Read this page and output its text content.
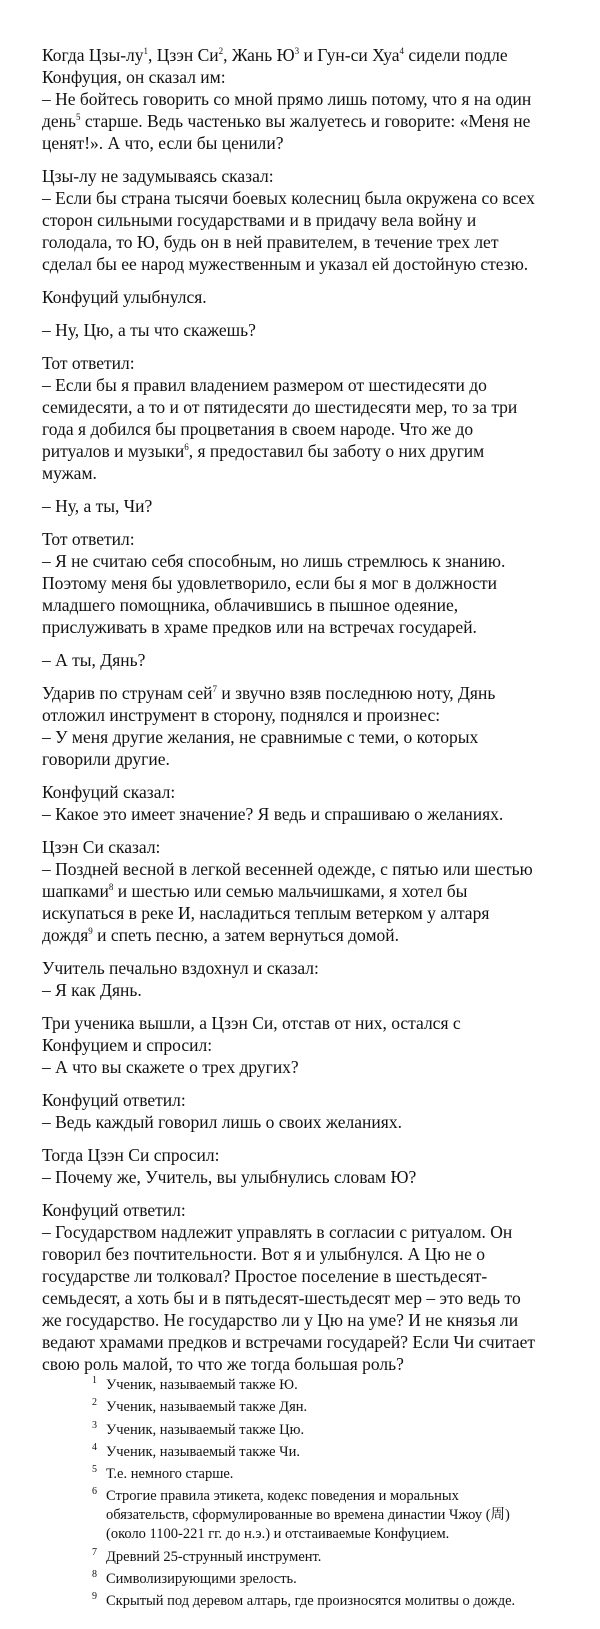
Когда Цзы-$лу^1$, Цзэн $Си^2$, Жань $Ю^3$ и Гун-си Хуа$^4$ сидели подле
Конфуция, он сказал им:
– Не бойтесь говорить со мной прямо лишь потому, что я на один
день$^5$ старше. Ведь частенько вы жалуетесь и говорите: «Меня не
ценят!». А что, если бы ценили?

Цзы-лу не задумываясь сказал:
– Если бы страна тысячи боевых колесниц была окружена со всех
сторон сильными государствами и в придачу вела войну и
голодала, то Ю, будь он в ней правителем, в течение трех лет
сделал бы ее народ мужественным и указал ей достойную стезю.

Конфуций улыбнулся.

– Ну, Цю, а ты что скажешь?

Тот ответил:
– Если бы я правил владением размером от шестидесяти до
семидесяти, а то и от пятидесяти до шестидесяти мер, то за три
года я добился бы процветания в своем народе. Что же до
ритуалов и музыки$^6$, я предоставил бы заботу о них другим
мужам.

– Ну, а ты, Чи?

Тот ответил:
– Я не считаю себя способным, но лишь стремлюсь к знанию.
Поэтому меня бы удовлетворило, если бы я мог в должности
младшего помощника, облачившись в пышное одеяние,
прислуживать в храме предков или на встречах государей.

– А ты, Дянь?

Ударив по струнам сей$^7$ и звучно взяв последнюю ноту, Дянь
отложил инструмент в сторону, поднялся и произнес:
– У меня другие желания, не сравнимые с теми, о которых
говорили другие.

Конфуций сказал:
– Какое это имеет значение? Я ведь и спрашиваю о желаниях.

Цзэн Си сказал:
– Поздней весной в легкой весенней одежде, с пятью или шестью
шапками$^8$ и шестью или семью мальчишками, я хотел бы
искупаться в реке И, насладиться теплым ветерком у алтаря
дождя$^9$ и спеть песню, а затем вернуться домой.

Учитель печально вздохнул и сказал:
– Я как Дянь.

Три ученика вышли, а Цзэн Си, отстав от них, остался с
Конфуцием и спросил:
– А что вы скажете о трех других?

Конфуций ответил:
– Ведь каждый говорил лишь о своих желаниях.

Тогда Цзэн Си спросил:
– Почему же, Учитель, вы улыбнулись словам Ю?

Конфуций ответил:
– Государством надлежит управлять в согласии с ритуалом. Он
говорил без почтительности. Вот я и улыбнулся. А Цю не о
государстве ли толковал? Простое поселение в шестьдесят-
семьдесят, а хоть бы и в пятьдесят-шестьдесят мер – это ведь то
же государство. Не государство ли у Цю на уме? И не князья ли
ведают храмами предков и встречами государей? Если Чи считает
свою роль малой, то что же тогда большая роль?

1 Ученик, называемый также Ю.
2 Ученик, называемый также Дян.
3 Ученик, называемый также Цю.
4 Ученик, называемый также Чи.
5 Т.е. немного старше.
6 Строгие правила этикета, кодекс поведения и моральных
обязательств, сформулированные во времена династии Чжоу (周)
(около 1100-221 гг. до н.э.) и отстаиваемые Конфуцием.
7 Древний 25-струнный инструмент.
8 Символизирующими зрелость.
9 Скрытый под деревом алтарь, где произносятся молитвы о дожде.
